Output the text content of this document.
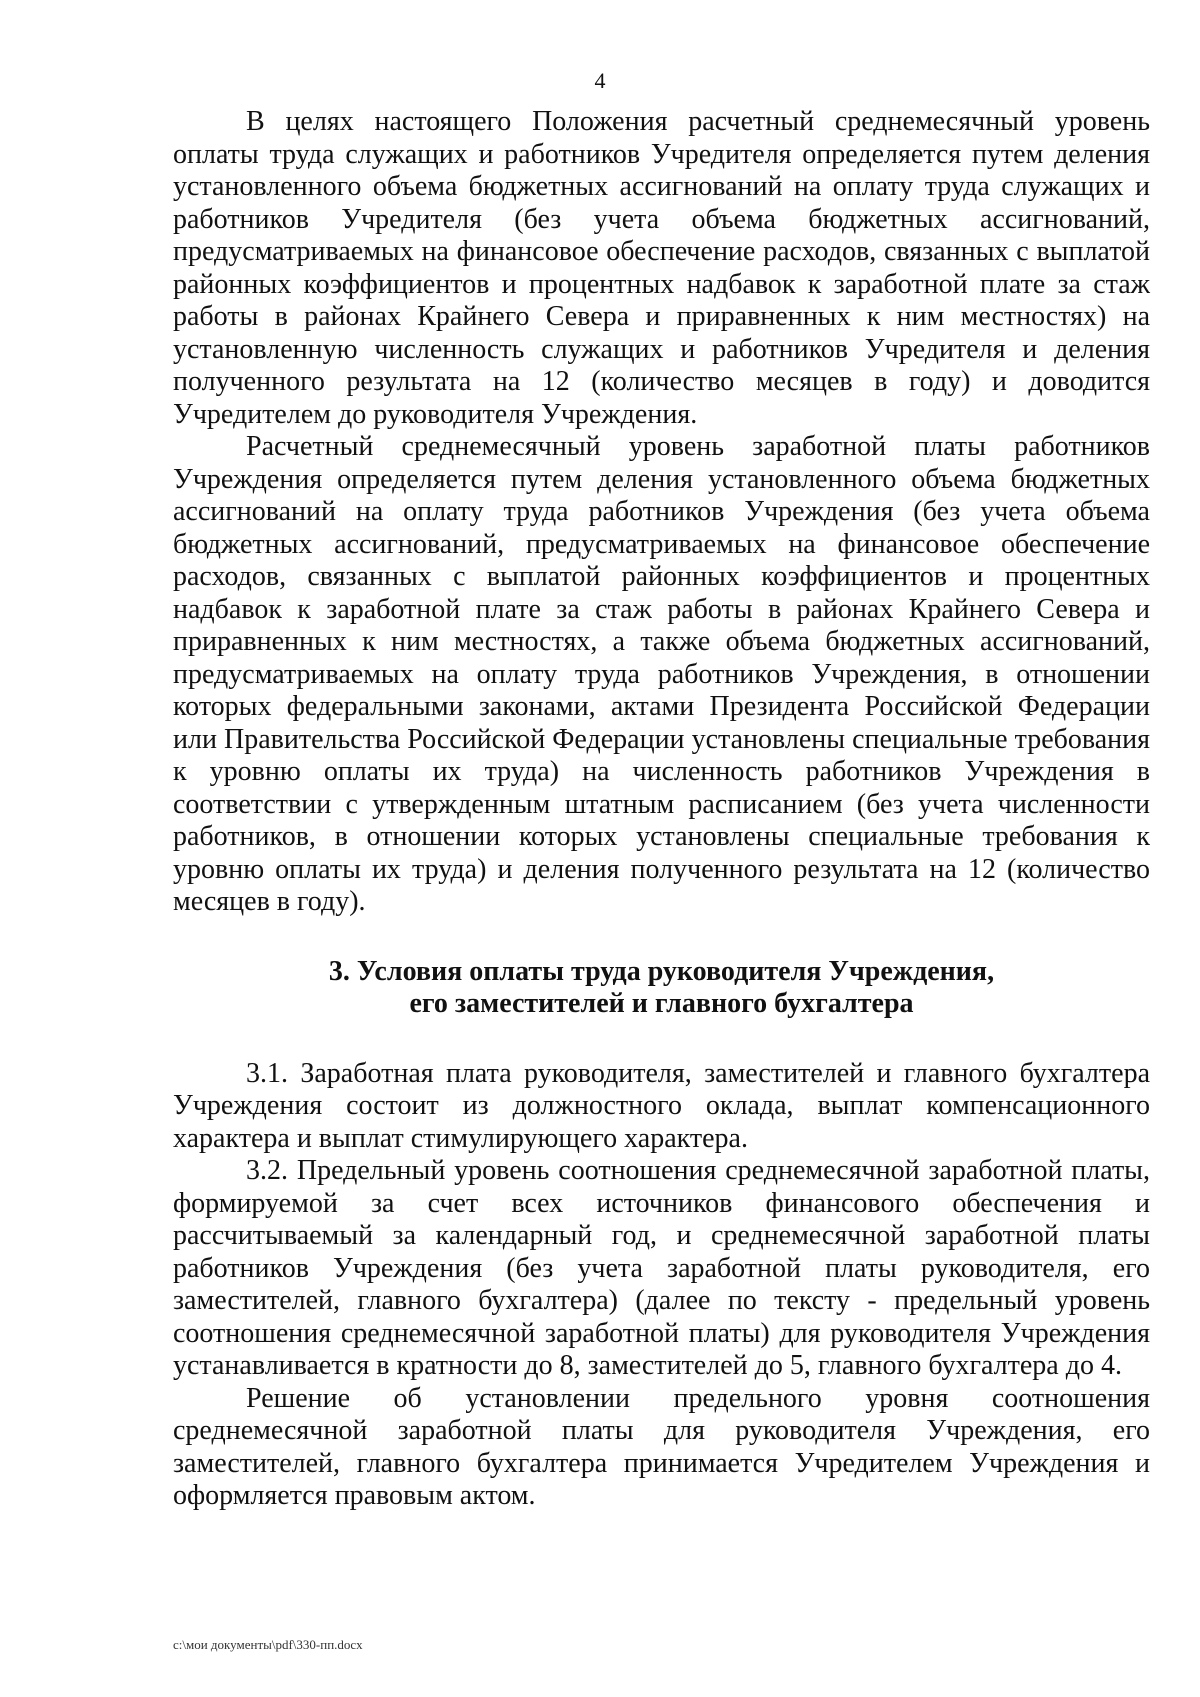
4

В целях настоящего Положения расчетный среднемесячный уровень оплаты труда служащих и работников Учредителя определяется путем деления установленного объема бюджетных ассигнований на оплату труда служащих и работников Учредителя (без учета объема бюджетных ассигнований, предусматриваемых на финансовое обеспечение расходов, связанных с выплатой районных коэффициентов и процентных надбавок к заработной плате за стаж работы в районах Крайнего Севера и приравненных к ним местностях) на установленную численность служащих и работников Учредителя и деления полученного результата на 12 (количество месяцев в году) и доводится Учредителем до руководителя Учреждения.

Расчетный среднемесячный уровень заработной платы работников Учреждения определяется путем деления установленного объема бюджетных ассигнований на оплату труда работников Учреждения (без учета объема бюджетных ассигнований, предусматриваемых на финансовое обеспечение расходов, связанных с выплатой районных коэффициентов и процентных надбавок к заработной плате за стаж работы в районах Крайнего Севера и приравненных к ним местностях, а также объема бюджетных ассигнований, предусматриваемых на оплату труда работников Учреждения, в отношении которых федеральными законами, актами Президента Российской Федерации или Правительства Российской Федерации установлены специальные требования к уровню оплаты их труда) на численность работников Учреждения в соответствии с утвержденным штатным расписанием (без учета численности работников, в отношении которых установлены специальные требования к уровню оплаты их труда) и деления полученного результата на 12 (количество месяцев в году).

3. Условия оплаты труда руководителя Учреждения,
его заместителей и главного бухгалтера

3.1. Заработная плата руководителя, заместителей и главного бухгалтера Учреждения состоит из должностного оклада, выплат компенсационного характера и выплат стимулирующего характера.

3.2. Предельный уровень соотношения среднемесячной заработной платы, формируемой за счет всех источников финансового обеспечения и рассчитываемый за календарный год, и среднемесячной заработной платы работников Учреждения (без учета заработной платы руководителя, его заместителей, главного бухгалтера) (далее по тексту - предельный уровень соотношения среднемесячной заработной платы) для руководителя Учреждения устанавливается в кратности до 8, заместителей до 5, главного бухгалтера до 4.

Решение об установлении предельного уровня соотношения среднемесячной заработной платы для руководителя Учреждения, его заместителей, главного бухгалтера принимается Учредителем Учреждения и оформляется правовым актом.

c:\мои документы\pdf\330-пп.docx
